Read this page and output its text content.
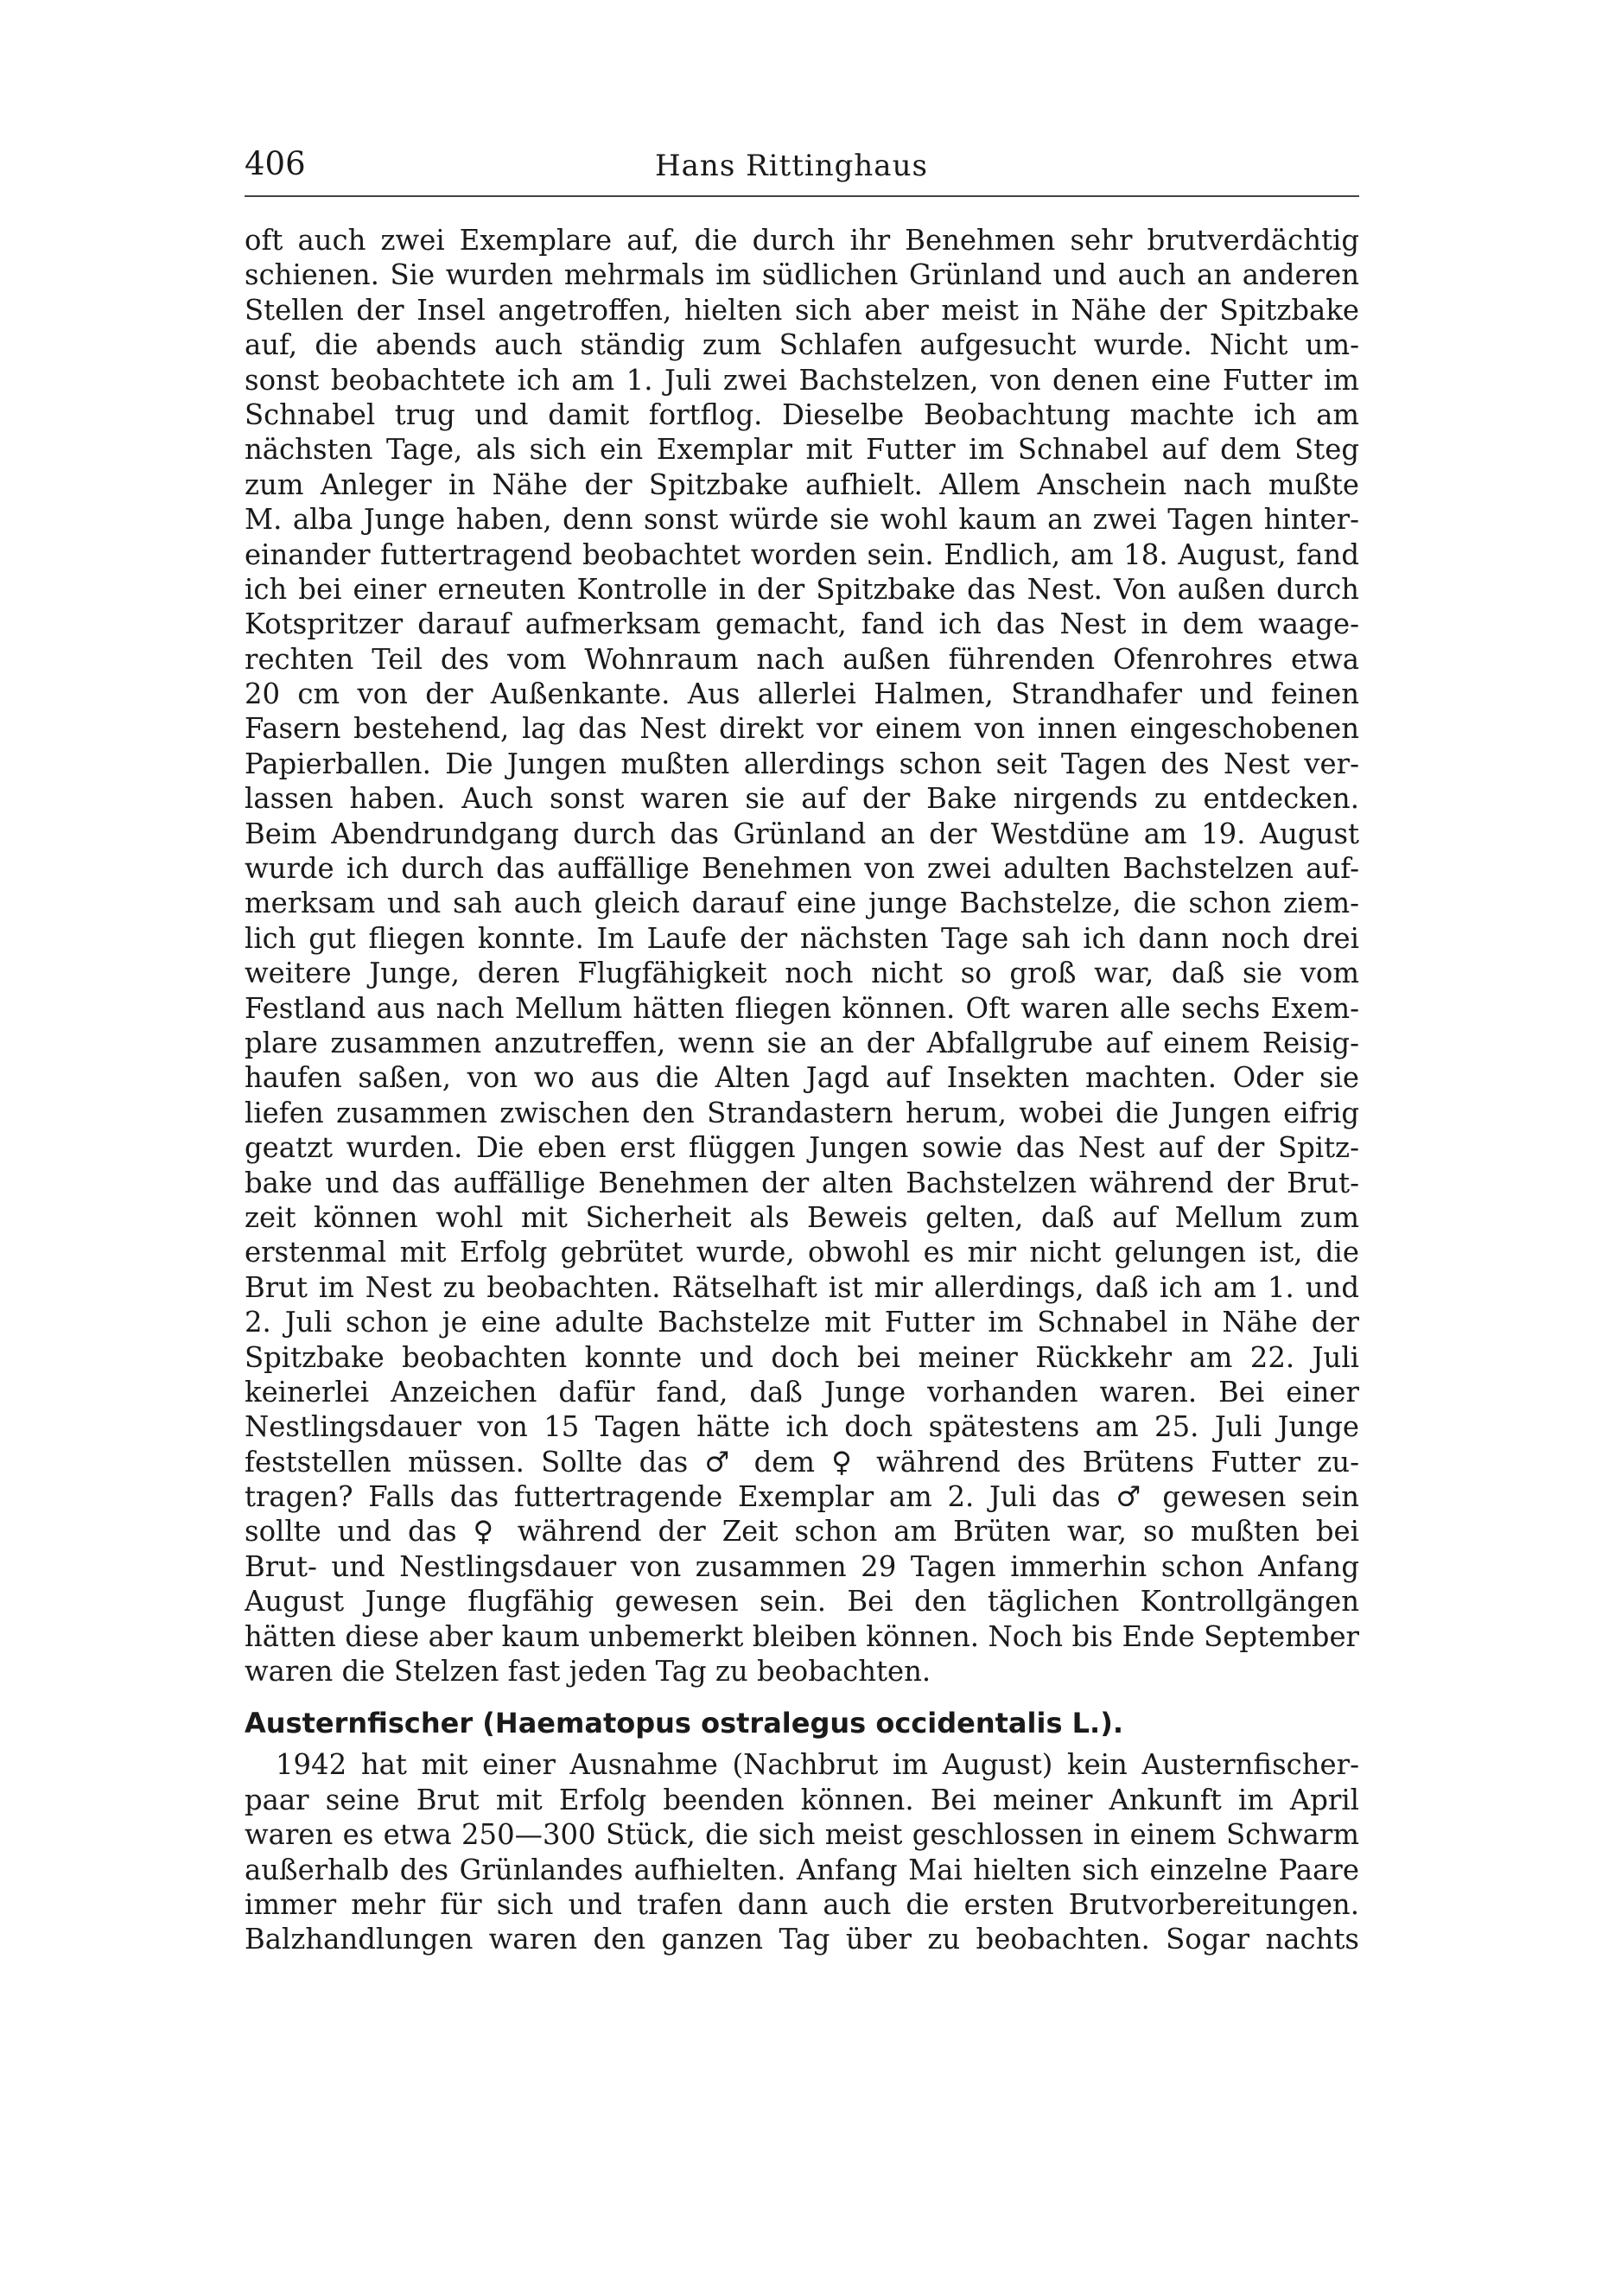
406	Hans Rittinghaus
oft auch zwei Exemplare auf, die durch ihr Benehmen sehr brutverdächtig
schienen. Sie wurden mehrmals im südlichen Grünland und auch an anderen
Stellen der Insel angetroffen, hielten sich aber meist in Nähe der Spitzbake
auf, die abends auch ständig zum Schlafen aufgesucht wurde. Nicht um-
sonst beobachtete ich am 1. Juli zwei Bachstelzen, von denen eine Futter im
Schnabel trug und damit fortflog. Dieselbe Beobachtung machte ich am
nächsten Tage, als sich ein Exemplar mit Futter im Schnabel auf dem Steg
zum Anleger in Nähe der Spitzbake aufhielt. Allem Anschein nach mußte
M. alba Junge haben, denn sonst würde sie wohl kaum an zwei Tagen hinter-
einander futtertragend beobachtet worden sein. Endlich, am 18. August, fand
ich bei einer erneuten Kontrolle in der Spitzbake das Nest. Von außen durch
Kotspritzer darauf aufmerksam gemacht, fand ich das Nest in dem waage-
rechten Teil des vom Wohnraum nach außen führenden Ofenrohres etwa
20 cm von der Außenkante. Aus allerlei Halmen, Strandhafer und feinen
Fasern bestehend, lag das Nest direkt vor einem von innen eingeschobenen
Papierballen. Die Jungen mußten allerdings schon seit Tagen des Nest ver-
lassen haben. Auch sonst waren sie auf der Bake nirgends zu entdecken.
Beim Abendrundgang durch das Grünland an der Westdüne am 19. August
wurde ich durch das auffällige Benehmen von zwei adulten Bachstelzen auf-
merksam und sah auch gleich darauf eine junge Bachstelze, die schon ziem-
lich gut fliegen konnte. Im Laufe der nächsten Tage sah ich dann noch drei
weitere Junge, deren Flugfähigkeit noch nicht so groß war, daß sie vom
Festland aus nach Mellum hätten fliegen können. Oft waren alle sechs Exem-
plare zusammen anzutreffen, wenn sie an der Abfallgrube auf einem Reisig-
haufen saßen, von wo aus die Alten Jagd auf Insekten machten. Oder sie
liefen zusammen zwischen den Strandastern herum, wobei die Jungen eifrig
geatzt wurden. Die eben erst flüggen Jungen sowie das Nest auf der Spitz-
bake und das auffällige Benehmen der alten Bachstelzen während der Brut-
zeit können wohl mit Sicherheit als Beweis gelten, daß auf Mellum zum
erstenmal mit Erfolg gebrütet wurde, obwohl es mir nicht gelungen ist, die
Brut im Nest zu beobachten. Rätselhaft ist mir allerdings, daß ich am 1. und
2. Juli schon je eine adulte Bachstelze mit Futter im Schnabel in Nähe der
Spitzbake beobachten konnte und doch bei meiner Rückkehr am 22. Juli
keinerlei Anzeichen dafür fand, daß Junge vorhanden waren. Bei einer
Nestlingsdauer von 15 Tagen hätte ich doch spätestens am 25. Juli Junge
feststellen müssen. Sollte das ♂ dem ♀ während des Brütens Futter zu-
tragen? Falls das futtertragende Exemplar am 2. Juli das ♂ gewesen sein
sollte und das ♀ während der Zeit schon am Brüten war, so mußten bei
Brut- und Nestlingsdauer von zusammen 29 Tagen immerhin schon Anfang
August Junge flugfähig gewesen sein. Bei den täglichen Kontrollgängen
hätten diese aber kaum unbemerkt bleiben können. Noch bis Ende September
waren die Stelzen fast jeden Tag zu beobachten.
Austernfischer (Haematopus ostralegus occidentalis L.).
1942 hat mit einer Ausnahme (Nachbrut im August) kein Austernfischer-
paar seine Brut mit Erfolg beenden können. Bei meiner Ankunft im April
waren es etwa 250—300 Stück, die sich meist geschlossen in einem Schwarm
außerhalb des Grünlandes aufhielten. Anfang Mai hielten sich einzelne Paare
immer mehr für sich und trafen dann auch die ersten Brutvorbereitungen.
Balzhandlungen waren den ganzen Tag über zu beobachten. Sogar nachts
